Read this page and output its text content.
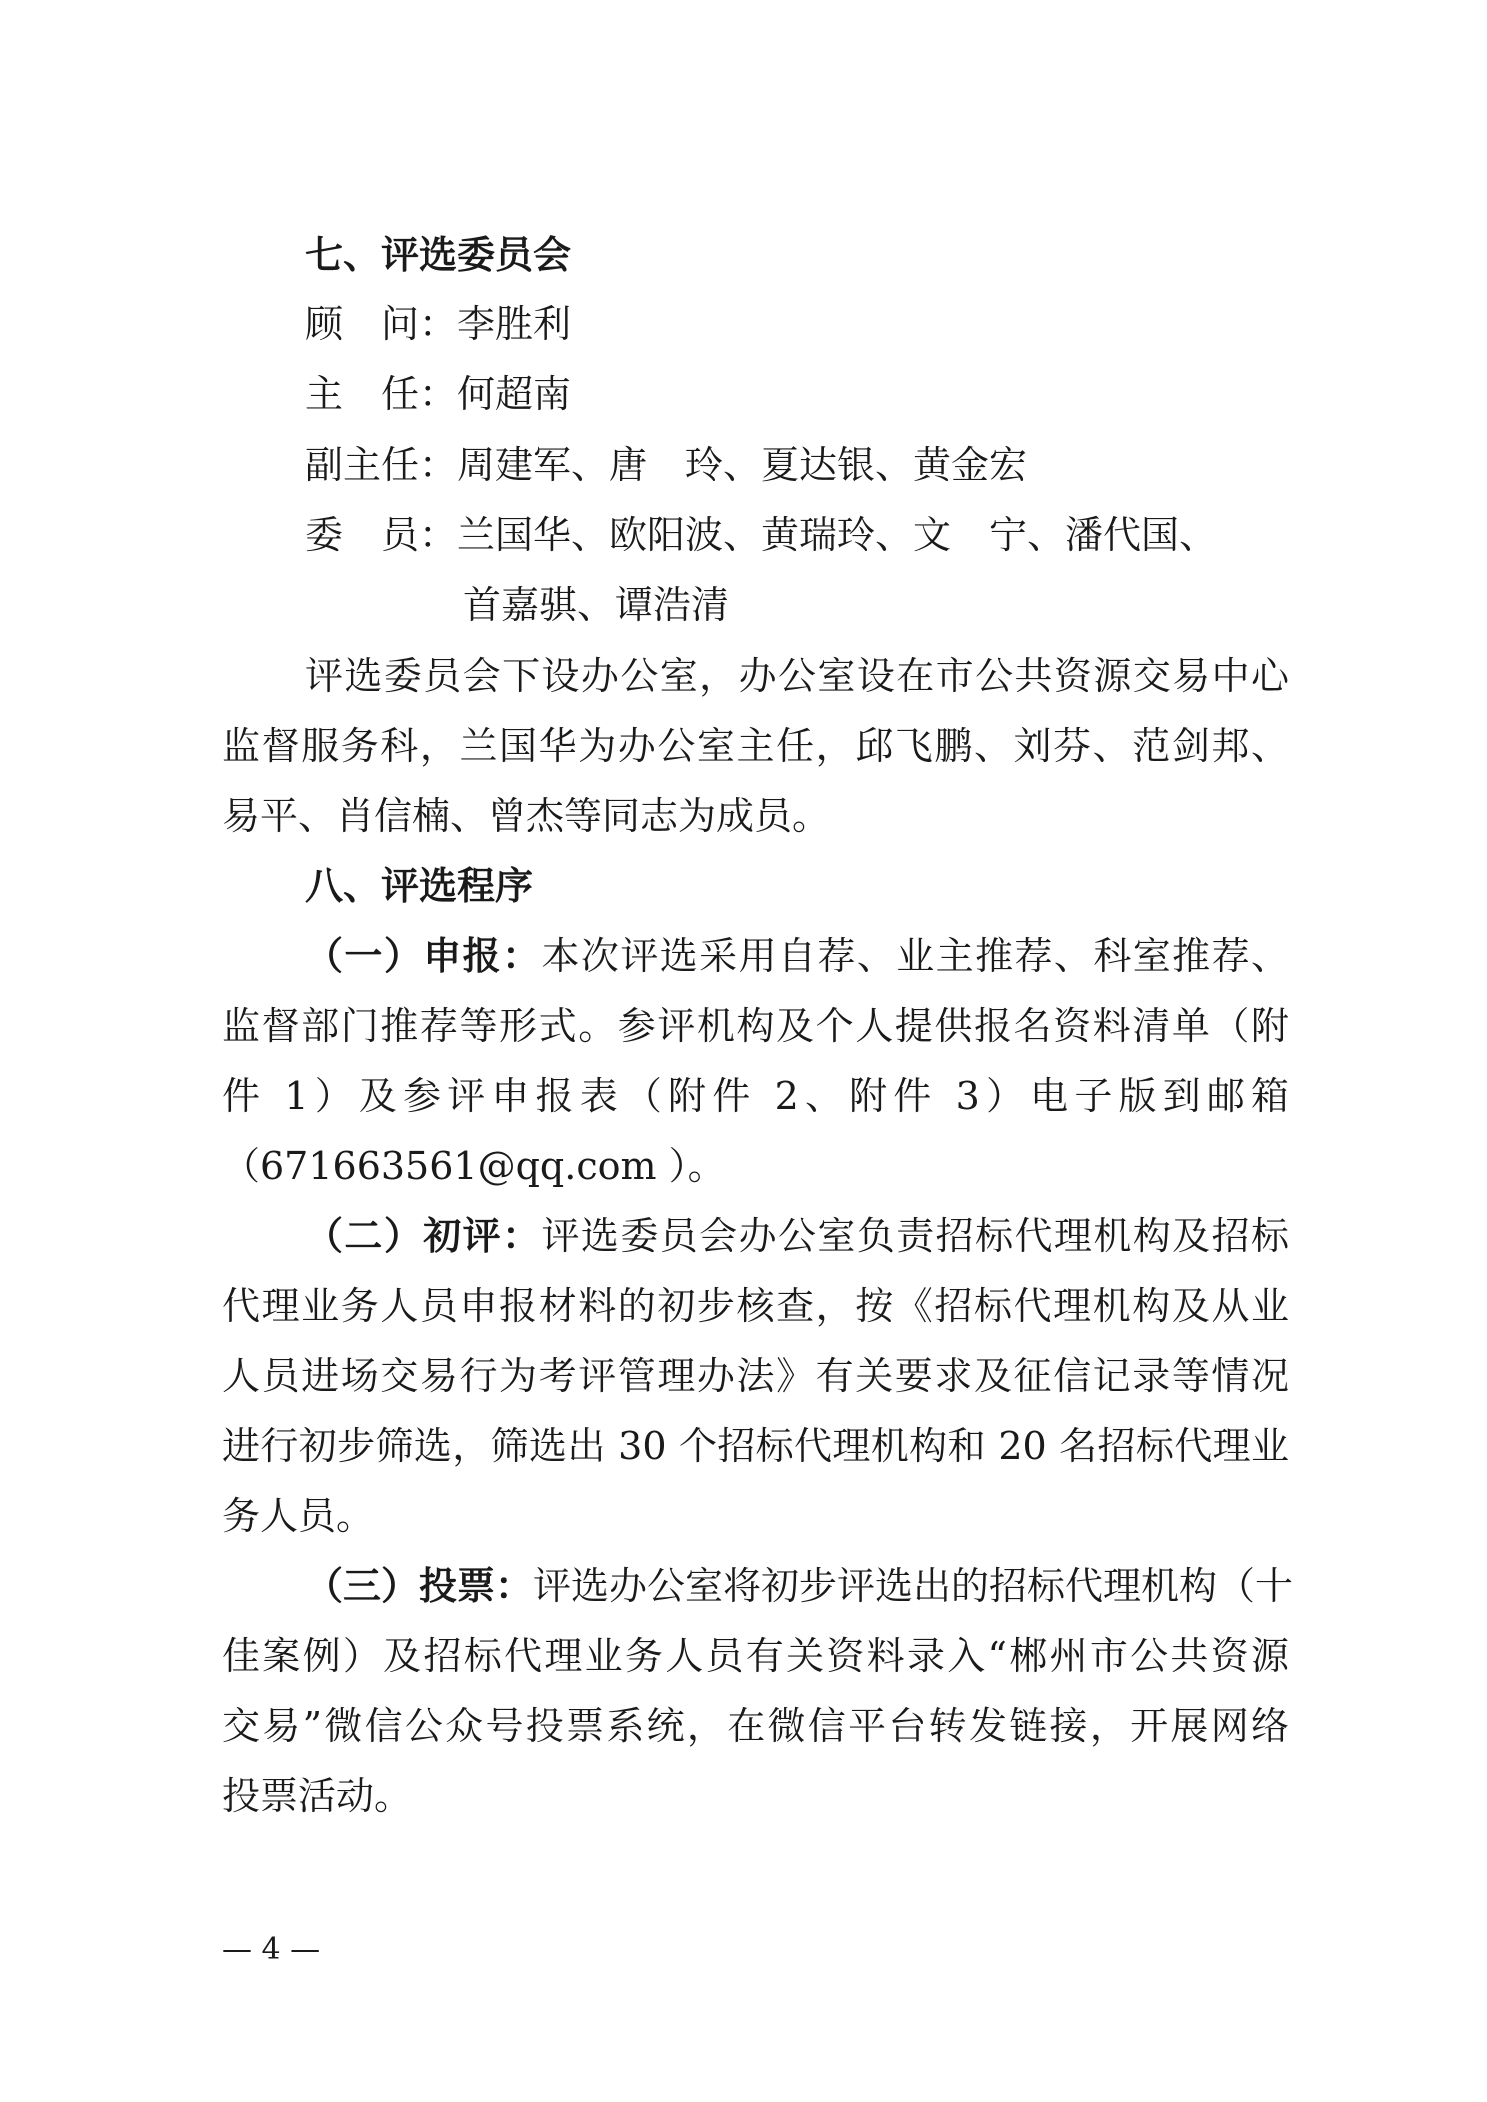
七、评选委员会
顾　问：李胜利
主　任：何超南
副主任：周建军、唐　玲、夏达银、黄金宏
委　员：兰国华、欧阳波、黄瑞玲、文　宁、潘代国、
首嘉骐、谭浩清
评选委员会下设办公室，办公室设在市公共资源交易中心
监督服务科，兰国华为办公室主任，邱飞鹏、刘芬、范剑邦、
易平、肖信楠、曾杰等同志为成员。
八、评选程序
（一）申报：本次评选采用自荐、业主推荐、科室推荐、
监督部门推荐等形式。参评机构及个人提供报名资料清单（附
件 1）及参评申报表（附件 2、附件 3）电子版到邮箱
（671663561@qq.com ）。
（二）初评：评选委员会办公室负责招标代理机构及招标
代理业务人员申报材料的初步核查，按《招标代理机构及从业
人员进场交易行为考评管理办法》有关要求及征信记录等情况
进行初步筛选，筛选出 30 个招标代理机构和 20 名招标代理业
务人员。
（三）投票：评选办公室将初步评选出的招标代理机构（十
佳案例）及招标代理业务人员有关资料录入“郴州市公共资源
交易”微信公众号投票系统，在微信平台转发链接，开展网络
投票活动。
— 4 —
